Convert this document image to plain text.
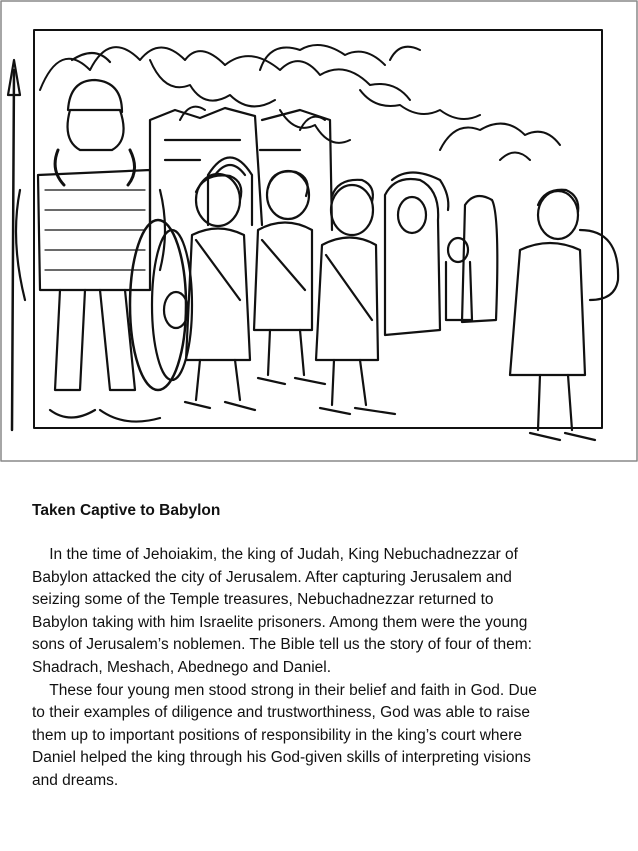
Taken Captive to Babylon

In the time of Jehoiakim, the king of Judah, King Nebuchadnezzar of
Babylon attacked the city of Jerusalem. After capturing Jerusalem and
seizing some of the Temple treasures, Nebuchadnezzar returned to
Babylon taking with him Israelite prisoners. Among them were the young
sons of Jerusalem’s noblemen. The Bible tell us the story of four of them:
Shadrach, Meshach, Abednego and Daniel.

These four young men stood strong in their belief and faith in God. Due
to their examples of diligence and trustworthiness, God was able to raise
them up to important positions of responsibility in the king’s court where
Daniel helped the king through his God-given skills of interpreting visions
and dreams.
